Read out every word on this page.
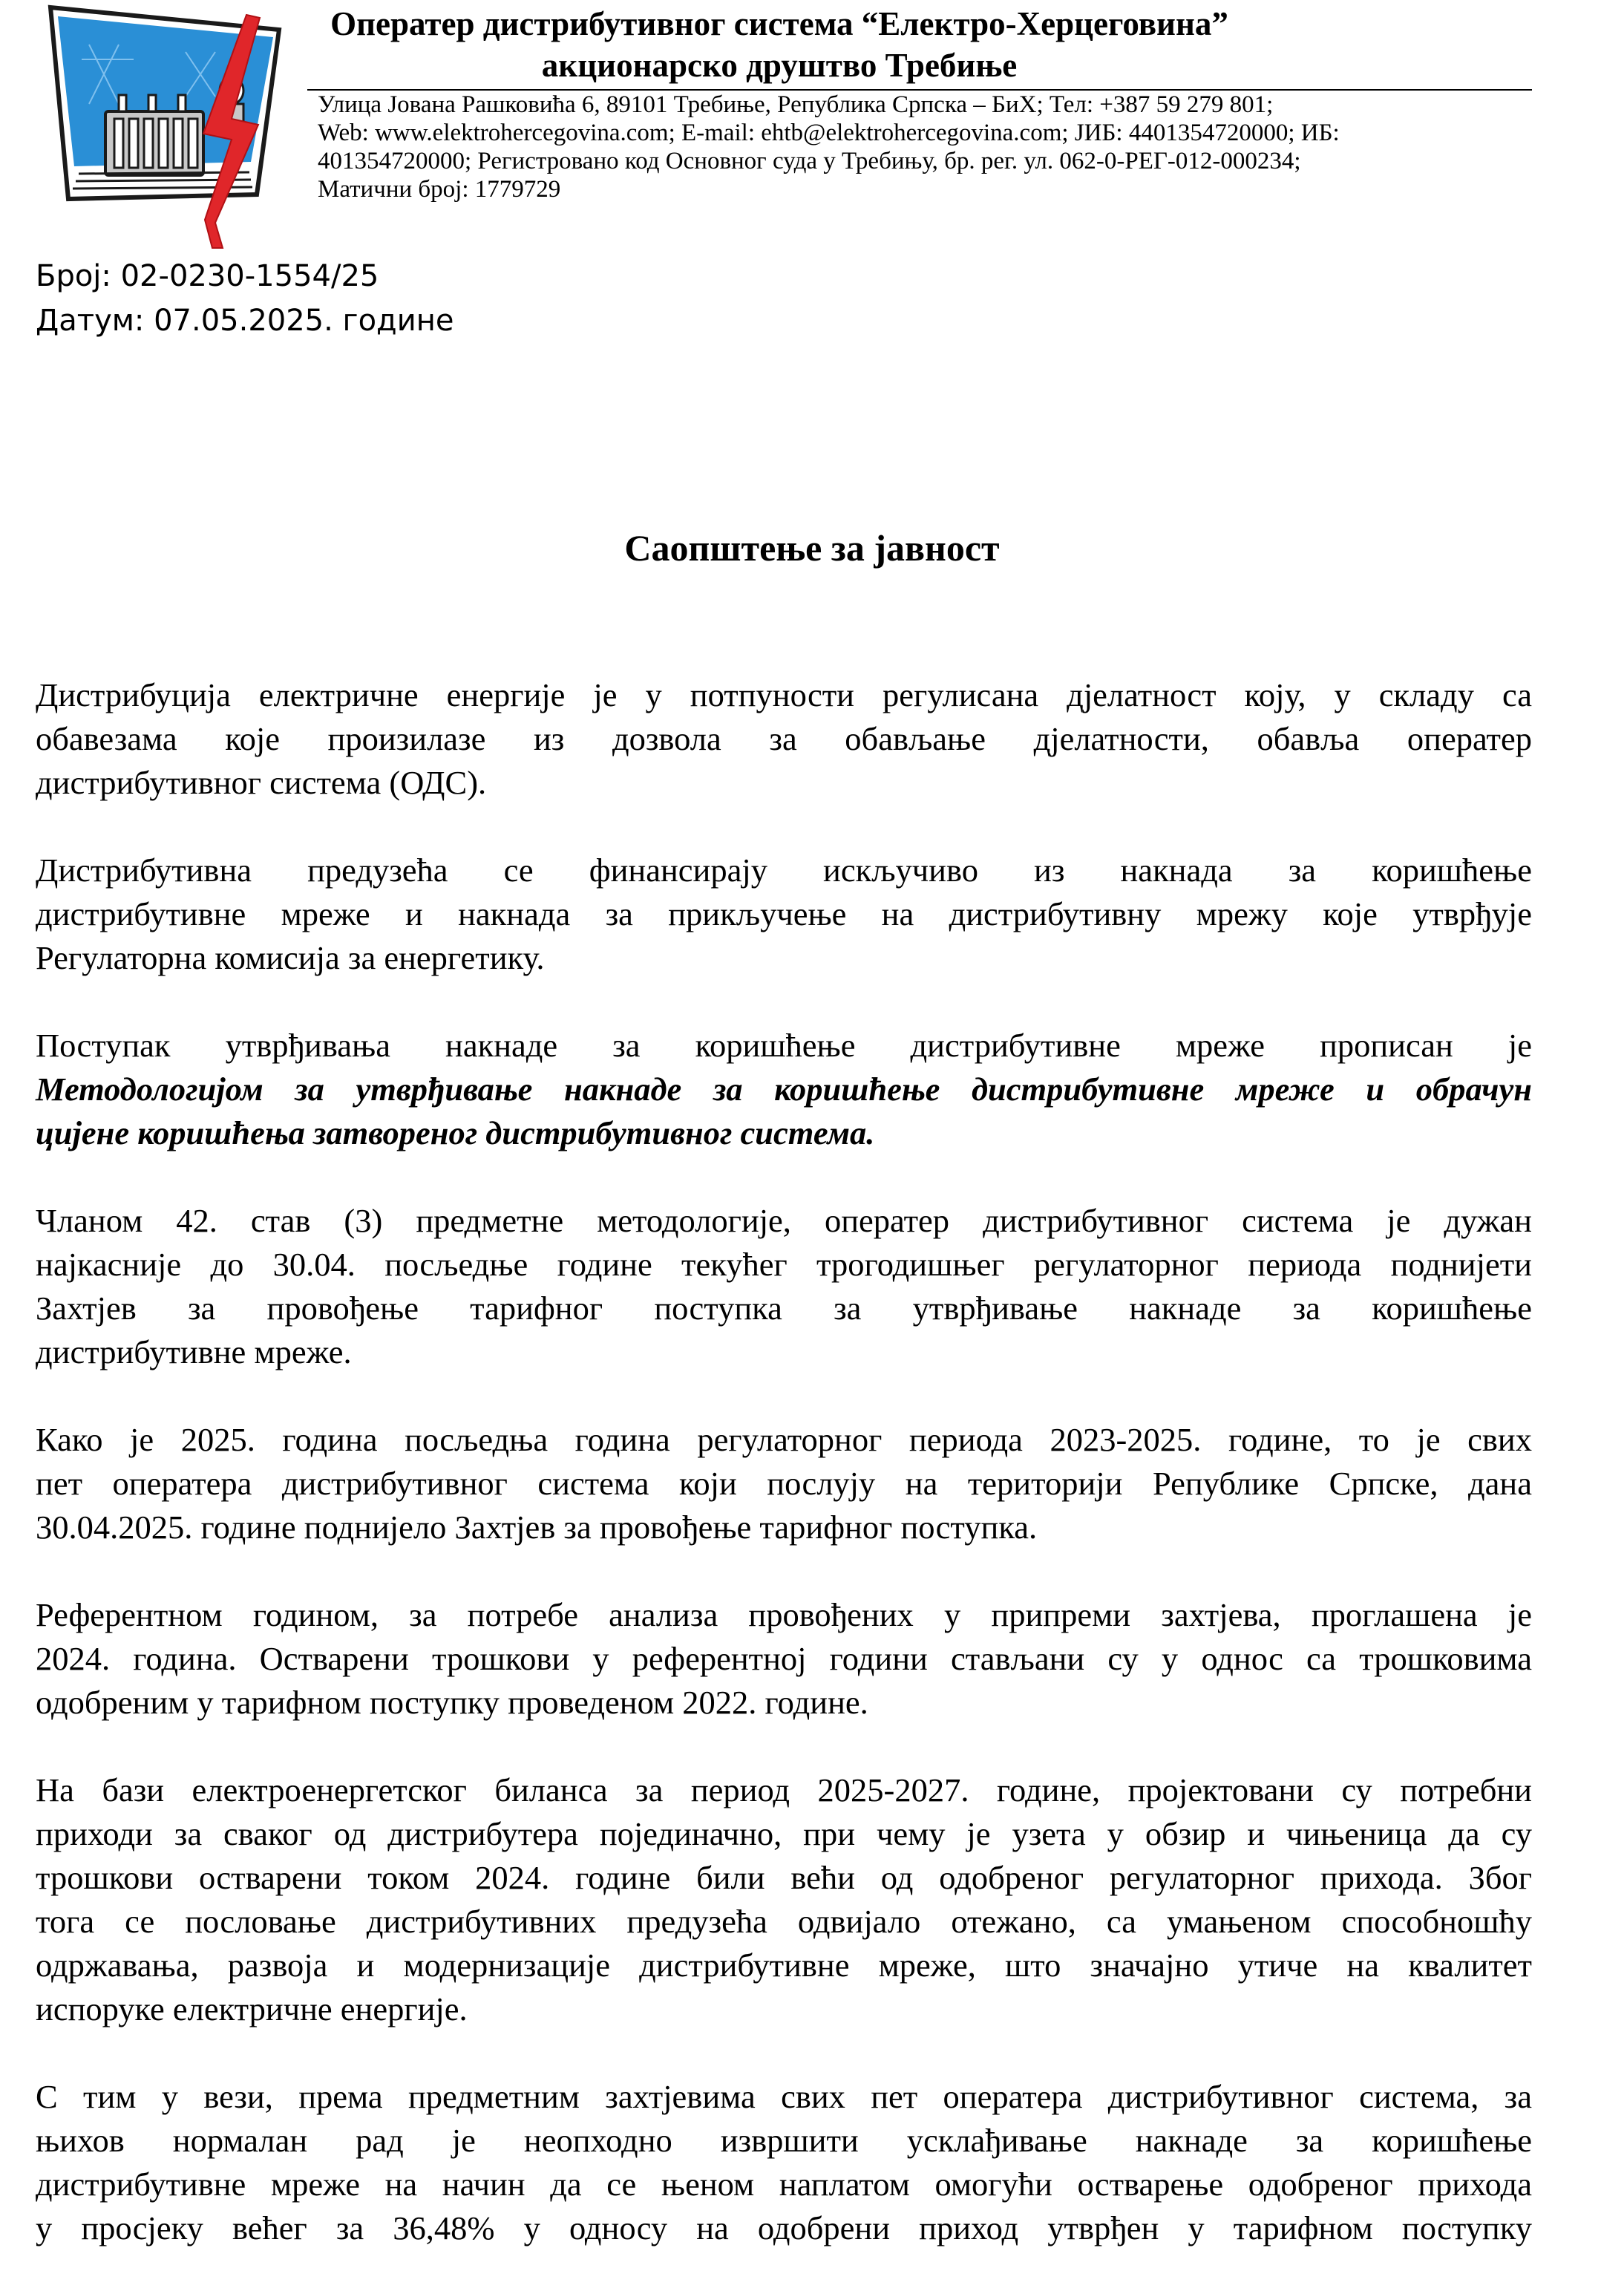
Оператер дистрибутивног система “Електро-Херцеговина”
акционарско друштво Требиње
Улица Јована Рашковића 6, 89101 Требиње, Република Српска – БиХ; Тел: +387 59 279 801;
Web: www.elektrohercegovina.com; E-mail: ehtb@elektrohercegovina.com; ЈИБ: 4401354720000; ИБ:
401354720000; Регистровано код Основног суда у Требињу, бр. рег. ул. 062-0-РЕГ-012-000234;
Матични број: 1779729
Број: 02-0230-1554/25
Датум: 07.05.2025. године
Саопштење за јавност
Дистрибуција електричне енергије је у потпуности регулисана дјелатност коју, у складу са
обавезама које произилазе из дозвола за обављање дјелатности, обавља оператер
дистрибутивног система (ОДС).
Дистрибутивна предузећа се финансирају искључиво из накнада за коришћење
дистрибутивне мреже и накнада за прикључење на дистрибутивну мрежу које утврђује
Регулаторна комисија за енергетику.
Поступак утврђивања накнаде за коришћење дистрибутивне мреже прописан је
Методологијом за утврђивање накнаде за коришћење дистрибутивне мреже и обрачун
цијене коришћења затвореног дистрибутивног система.
Чланом 42. став (3) предметне методологије, оператер дистрибутивног система је дужан
најкасније до 30.04. посљедње године текућег трогодишњег регулаторног периода поднијети
Захтјев за провођење тарифног поступка за утврђивање накнаде за коришћење
дистрибутивне мреже.
Како је 2025. година посљедња година регулаторног периода 2023-2025. године, то је свих
пет оператера дистрибутивног система који послују на територији Републике Српске, дана
30.04.2025. године поднијело Захтјев за провођење тарифног поступка.
Референтном годином, за потребе анализа провођених у припреми захтјева, проглашена је
2024. година. Остварени трошкови у референтној години стављани су у однос са трошковима
одобреним у тарифном поступку проведеном 2022. године.
На бази електроенергетског биланса за период 2025-2027. године, пројектовани су потребни
приходи за сваког од дистрибутера појединачно, при чему је узета у обзир и чињеница да су
трошкови остварени током 2024. године били већи од одобреног регулаторног прихода. Због
тога се пословање дистрибутивних предузећа одвијало отежано, са умањеном способношћу
одржавања, развоја и модернизације дистрибутивне мреже, што значајно утиче на квалитет
испоруке електричне енергије.
С тим у вези, према предметним захтјевима свих пет оператера дистрибутивног система, за
њихов нормалан рад је неопходно извршити усклађивање накнаде за коришћење
дистрибутивне мреже на начин да се њеном наплатом омогући остварење одобреног прихода
у просјеку већег за 36,48% у односу на одобрени приход утврђен у тарифном поступку
